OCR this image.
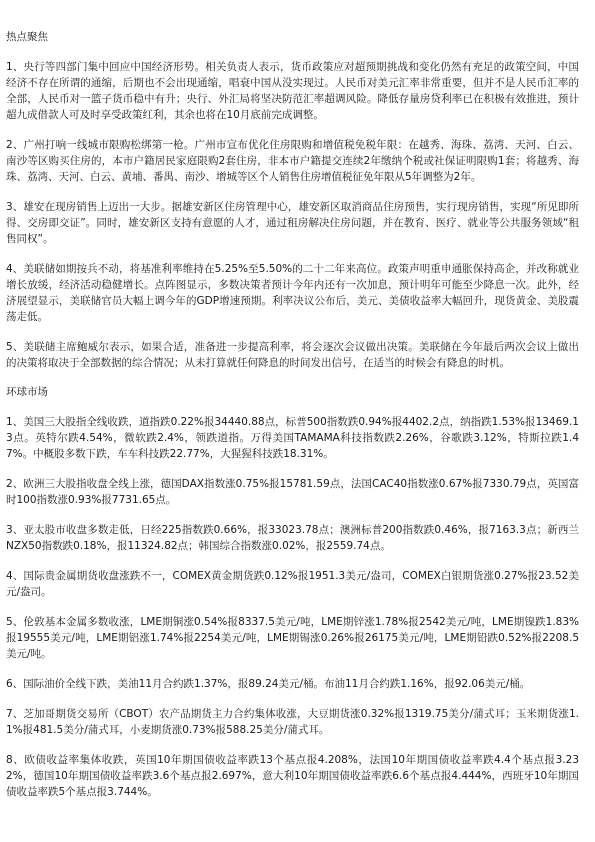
热点聚焦

1、央行等四部门集中回应中国经济形势。相关负责人表示，货币政策应对超预期挑战和变化仍然有充足的政策空间，中国经济不存在所谓的通缩，后期也不会出现通缩，唱衰中国从没实现过。人民币对美元汇率非常重要，但并不是人民币汇率的全部，人民币对一篮子货币稳中有升；央行、外汇局将坚决防范汇率超调风险。降低存量房贷利率已在积极有效推进，预计超九成借款人可及时享受政策红利，其余也将在10月底前完成调整。

2、广州打响一线城市限购松绑第一枪。广州市宣布优化住房限购和增值税免税年限：在越秀、海珠、荔湾、天河、白云、南沙等区购买住房的，本市户籍居民家庭限购2套住房，非本市户籍提交连续2年缴纳个税或社保证明限购1套；将越秀、海珠、荔湾、天河、白云、黄埔、番禺、南沙、增城等区个人销售住房增值税征免年限从5年调整为2年。

3、雄安在现房销售上迈出一大步。据雄安新区住房管理中心，雄安新区取消商品住房预售，实行现房销售，实现“所见即所得、交房即交证”。同时，雄安新区支持有意愿的人才，通过租房解决住房问题，并在教育、医疗、就业等公共服务领域“租售同权”。

4、美联储如期按兵不动，将基准利率维持在5.25%至5.50%的二十二年来高位。政策声明重申通胀保持高企，并改称就业增长放缓，经济活动稳健增长。点阵图显示，多数决策者预计今年内还有一次加息，预计明年可能至少降息一次。此外，经济展望显示，美联储官员大幅上调今年的GDP增速预期。利率决议公布后，美元、美债收益率大幅回升，现货黄金、美股震荡走低。

5、美联储主席鲍威尔表示，如果合适，准备进一步提高利率，将会逐次会议做出决策。美联储在今年最后两次会议上做出的决策将取决于全部数据的综合情况；从未打算就任何降息的时间发出信号，在适当的时候会有降息的时机。

环球市场

1、美国三大股指全线收跌，道指跌0.22%报34440.88点，标普500指数跌0.94%报4402.2点，纳指跌1.53%报13469.13点。英特尔跌4.54%，微软跌2.4%，领跌道指。万得美国TAMAMA科技指数跌2.26%，谷歌跌3.12%，特斯拉跌1.47%。中概股多数下跌，车车科技跌22.77%，大猩猩科技跌18.31%。

2、欧洲三大股指收盘全线上涨，德国DAX指数涨0.75%报15781.59点，法国CAC40指数涨0.67%报7330.79点，英国富时100指数涨0.93%报7731.65点。

3、亚太股市收盘多数走低，日经225指数跌0.66%，报33023.78点；澳洲标普200指数跌0.46%，报7163.3点；新西兰NZX50指数跌0.18%，报11324.82点；韩国综合指数涨0.02%，报2559.74点。

4、国际贵金属期货收盘涨跌不一，COMEX黄金期货跌0.12%报1951.3美元/盎司，COMEX白银期货涨0.27%报23.52美元/盎司。

5、伦敦基本金属多数收涨，LME期铜涨0.54%报8337.5美元/吨，LME期锌涨1.78%报2542美元/吨，LME期镍跌1.83%报19555美元/吨，LME期铝涨1.74%报2254美元/吨，LME期锡涨0.26%报26175美元/吨，LME期铅跌0.52%报2208.5美元/吨。

6、国际油价全线下跌，美油11月合约跌1.37%，报89.24美元/桶。布油11月合约跌1.16%，报92.06美元/桶。

7、芝加哥期货交易所（CBOT）农产品期货主力合约集体收涨，大豆期货涨0.32%报1319.75美分/蒲式耳；玉米期货涨1.1%报481.5美分/蒲式耳，小麦期货涨0.73%报588.25美分/蒲式耳。

8、欧债收益率集体收跌，英国10年期国债收益率跌13个基点报4.208%，法国10年期国债收益率跌4.4个基点报3.232%，德国10年期国债收益率跌3.6个基点报2.697%，意大利10年期国债收益率跌6.6个基点报4.444%，西班牙10年期国债收益率跌5个基点报3.744%。
